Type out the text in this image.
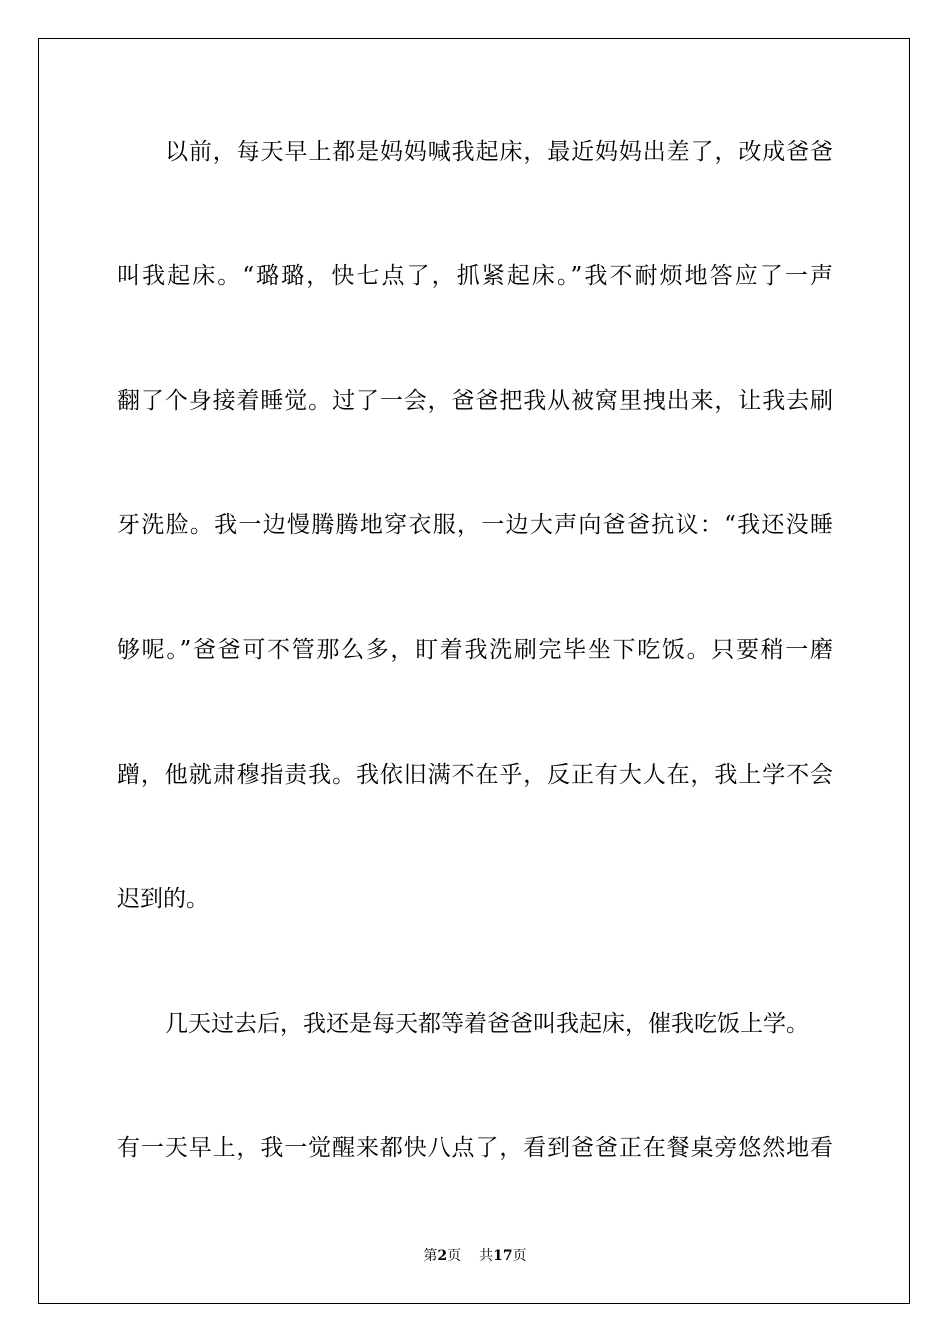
以前，每天早上都是妈妈喊我起床，最近妈妈出差了，改成爸爸
叫我起床。“璐璐，快七点了，抓紧起床。”我不耐烦地答应了一声
翻了个身接着睡觉。过了一会，爸爸把我从被窝里拽出来，让我去刷
牙洗脸。我一边慢腾腾地穿衣服，一边大声向爸爸抗议：“我还没睡
够呢。”爸爸可不管那么多，盯着我洗刷完毕坐下吃饭。只要稍一磨
蹭，他就肃穆指责我。我依旧满不在乎，反正有大人在，我上学不会
迟到的。
几天过去后，我还是每天都等着爸爸叫我起床，催我吃饭上学。
有一天早上，我一觉醒来都快八点了，看到爸爸正在餐桌旁悠然地看
第2页 共17页
